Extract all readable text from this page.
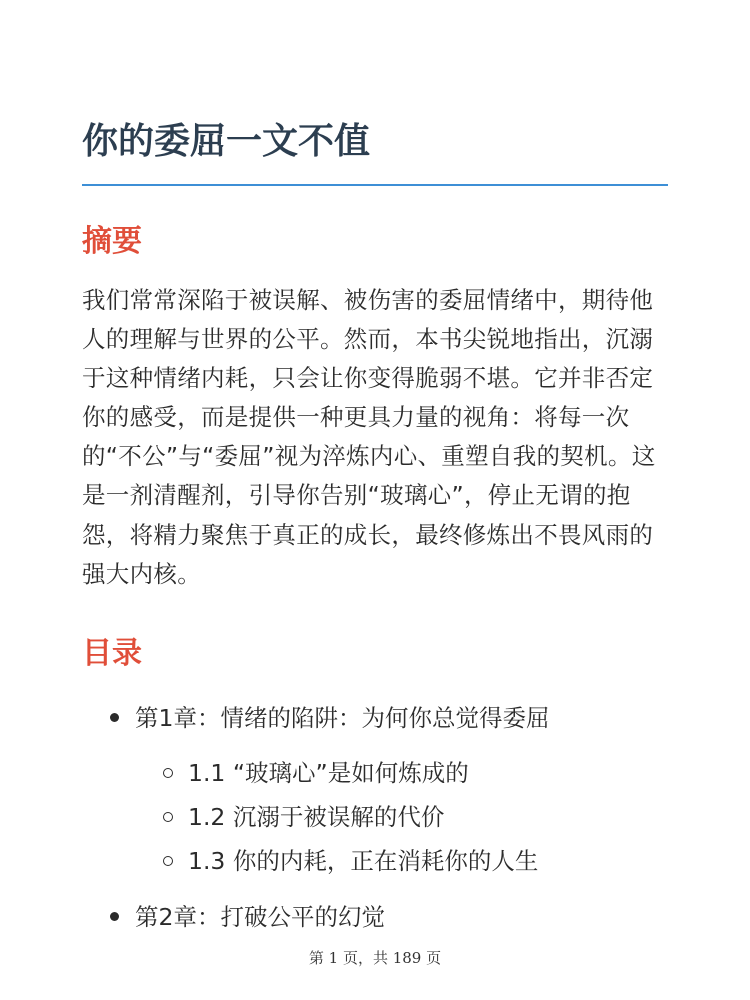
你的委屈一文不值
摘要

我们常常深陷于被误解、被伤害的委屈情绪中，期待他人的理解与世界的公平。然而，本书尖锐地指出，沉溺于这种情绪内耗，只会让你变得脆弱不堪。它并非否定你的感受，而是提供一种更具力量的视角：将每一次的“不公”与“委屈”视为淬炼内心、重塑自我的契机。这是一剂清醒剂，引导你告别“玻璃心”，停止无谓的抱怨，将精力聚焦于真正的成长，最终修炼出不畏风雨的强大内核。

目录
第1章：情绪的陷阱：为何你总觉得委屈
1.1 “玻璃心”是如何炼成的
1.2 沉溺于被误解的代价
1.3 你的内耗，正在消耗你的人生
第2章：打破公平的幻觉
第 1 页，共 189 页
